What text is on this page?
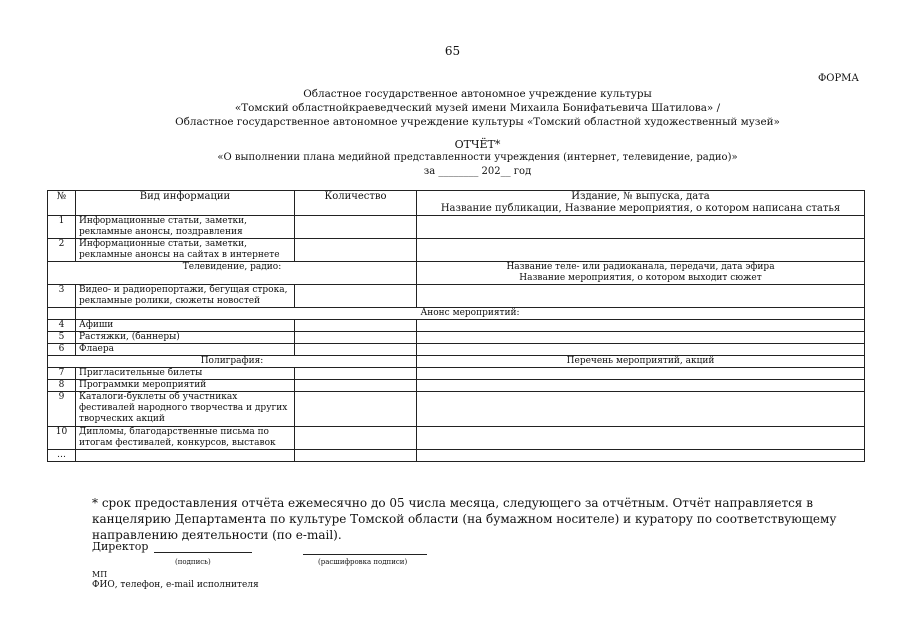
65
ФОРМА
Областное государственное автономное учреждение культуры
«Томский областнойкраеведческий музей имени Михаила Бонифатьевича Шатилова» /
Областное государственное автономное учреждение культуры «Томский областной художественный музей»
ОТЧЁТ*
«О выполнении плана медийной представленности учреждения (интернет, телевидение, радио)»
за ________ 202__ год
№	Вид информации	Количество	Издание, № выпуска, дата
Название публикации, Название мероприятия, о котором написана статья

1	Информационные статьи, заметки, рекламные анонсы, поздравления		
2	Информационные статьи, заметки, рекламные анонсы на сайтах в интернете		
Телевидение, радио:			Название теле- или радиоканала, передачи, дата эфира
Название мероприятия, о котором выходит сюжет

3	Видео- и радиорепортажи, бегущая строка, рекламные ролики, сюжеты новостей		
	Анонс мероприятий:		
4	Афиши		
5	Растяжки, (баннеры)		
6	Флаера		
Полиграфия:			Перечень мероприятий, акций
7	Пригласительные билеты		
8	Программки мероприятий		
9	Каталоги-буклеты об участниках фестивалей народного творчества и других творческих акций		
10	Дипломы, благодарственные письма по итогам фестивалей, конкурсов, выставок		
…			
* срок предоставления отчёта ежемесячно до 05 числа месяца, следующего за отчётным. Отчёт направляется в канцелярию Департамента по культуре Томской области (на бумажном носителе) и куратору по соответствующему направлению деятельности (по e-mail).
Директор
(подпись)	(расшифровка подписи)
МП
ФИО, телефон, e-mail исполнителя
